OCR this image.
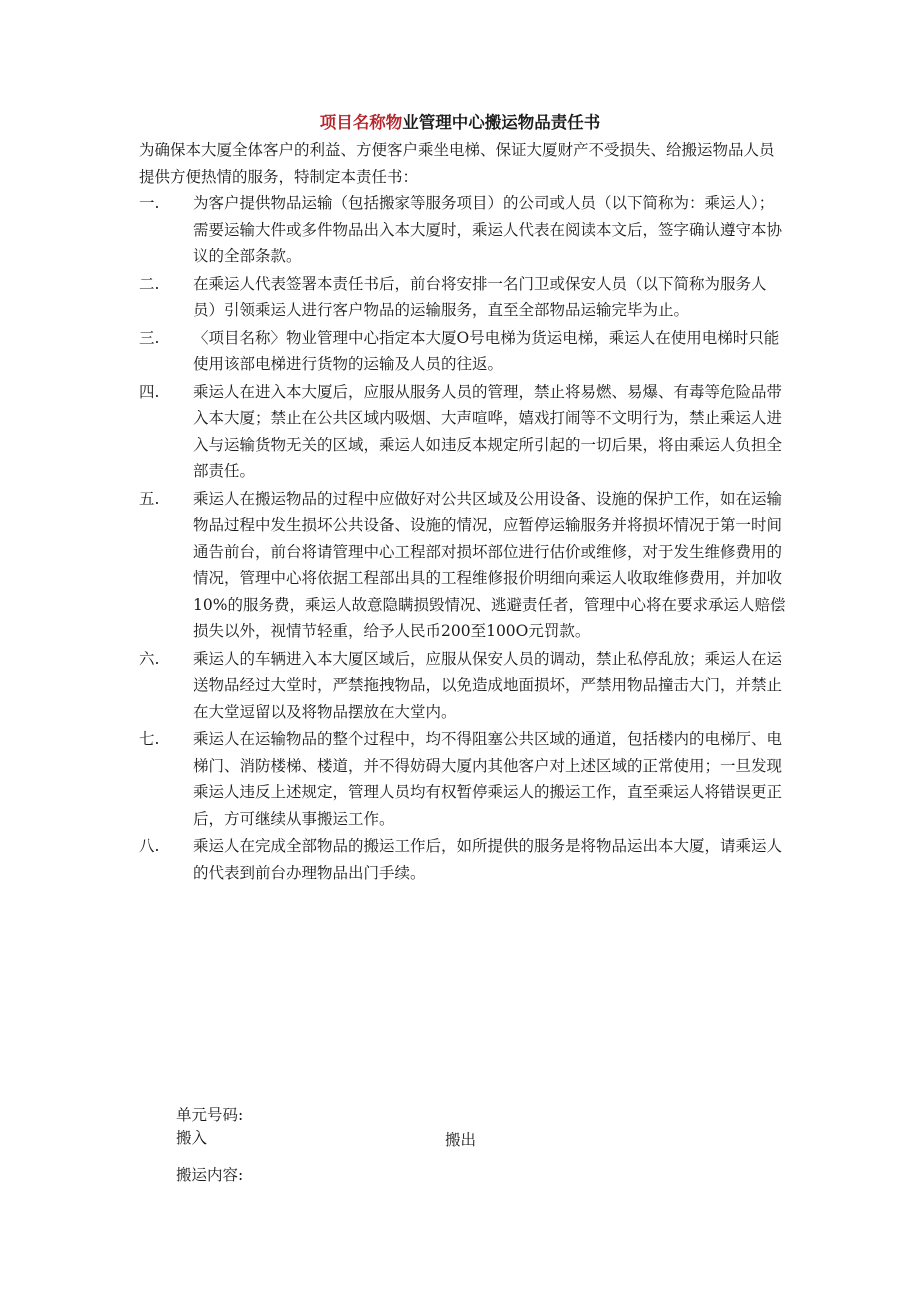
项目名称物业管理中心搬运物品责任书
为确保本大厦全体客户的利益、方便客户乘坐电梯、保证大厦财产不受损失、给搬运物品人员提供方便热情的服务，特制定本责任书：
一. 为客户提供物品运输（包括搬家等服务项目）的公司或人员（以下简称为：乘运人）；需要运输大件或多件物品出入本大厦时，乘运人代表在阅读本文后，签字确认遵守本协议的全部条款。
二. 在乘运人代表签署本责任书后，前台将安排一名门卫或保安人员（以下简称为服务人员）引领乘运人进行客户物品的运输服务，直至全部物品运输完毕为止。
三. 〈项目名称〉物业管理中心指定本大厦O号电梯为货运电梯，乘运人在使用电梯时只能使用该部电梯进行货物的运输及人员的往返。
四. 乘运人在进入本大厦后，应服从服务人员的管理，禁止将易燃、易爆、有毒等危险品带入本大厦；禁止在公共区域内吸烟、大声喧哗，嬉戏打闹等不文明行为，禁止乘运人进入与运输货物无关的区域，乘运人如违反本规定所引起的一切后果，将由乘运人负担全部责任。
五. 乘运人在搬运物品的过程中应做好对公共区域及公用设备、设施的保护工作，如在运输物品过程中发生损坏公共设备、设施的情况，应暂停运输服务并将损坏情况于第一时间通告前台，前台将请管理中心工程部对损坏部位进行估价或维修，对于发生维修费用的情况，管理中心将依据工程部出具的工程维修报价明细向乘运人收取维修费用，并加收10%的服务费，乘运人故意隐瞒损毁情况、逃避责任者，管理中心将在要求承运人赔偿损失以外，视情节轻重，给予人民币200至100O元罚款。
六. 乘运人的车辆进入本大厦区域后，应服从保安人员的调动，禁止私停乱放；乘运人在运送物品经过大堂时，严禁拖拽物品，以免造成地面损坏，严禁用物品撞击大门，并禁止在大堂逗留以及将物品摆放在大堂内。
七. 乘运人在运输物品的整个过程中，均不得阻塞公共区域的通道，包括楼内的电梯厅、电梯门、消防楼梯、楼道，并不得妨碍大厦内其他客户对上述区域的正常使用；一旦发现乘运人违反上述规定，管理人员均有权暂停乘运人的搬运工作，直至乘运人将错误更正后，方可继续从事搬运工作。
八. 乘运人在完成全部物品的搬运工作后，如所提供的服务是将物品运出本大厦，请乘运人的代表到前台办理物品出门手续。
单元号码:
搬入	搬出
搬运内容:
